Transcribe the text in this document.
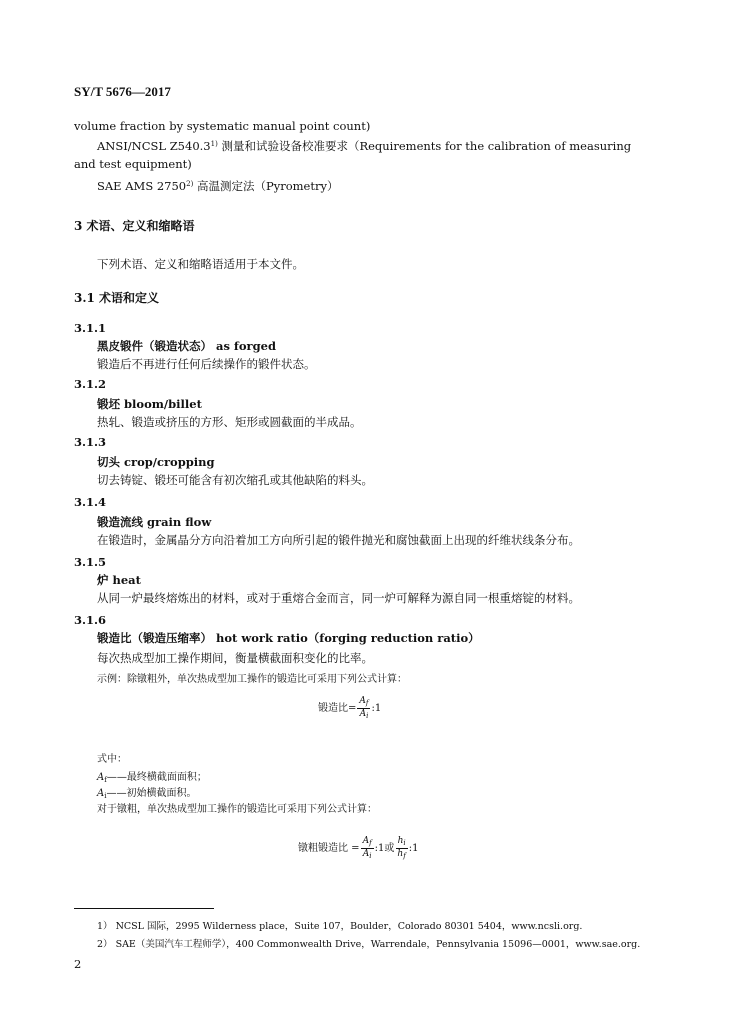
SY/T 5676—2017
volume fraction by systematic manual point count)
ANSI/NCSL Z540.3$^{1)}$ 测量和试验设备校准要求（Requirements for the calibration of measuring
and test equipment)
SAE AMS 2750$^{2)}$ 高温测定法（Pyrometry）
3 术语、定义和缩略语
下列术语、定义和缩略语适用于本文件。
3.1 术语和定义
3.1.1
黑皮锻件（锻造状态） as forged
锻造后不再进行任何后续操作的锻件状态。
3.1.2
锻坯 bloom/billet
热轧、锻造或挤压的方形、矩形或圆截面的半成品。
3.1.3
切头 crop/cropping
切去铸锭、锻坯可能含有初次缩孔或其他缺陷的料头。
3.1.4
锻造流线 grain flow
在锻造时，金属晶分方向沿着加工方向所引起的锻件抛光和腐蚀截面上出现的纤维状线条分布。
3.1.5
炉 heat
从同一炉最终熔炼出的材料，或对于重熔合金而言，同一炉可解释为源自同一根重熔锭的材料。
3.1.6
锻造比（锻造压缩率） hot work ratio（forging reduction ratio）
每次热成型加工操作期间，衡量横截面积变化的比率。
示例：除镦粗外，单次热成型加工操作的锻造比可采用下列公式计算：
锻造比= $\frac{A_f}{A_i}$ :1
式中：
$A_f——$最终横截面面积；
$A_i——$初始横截面积。
对于镦粗，单次热成型加工操作的锻造比可采用下列公式计算：
镦粗锻造比 = $\frac{A_f}{A_i}$ :1或 $\frac{h_i}{h_f}$ :1
1） NCSL 国际，2995 Wilderness place，Suite 107，Boulder，Colorado 80301 5404，www.ncsli.org.
2） SAE（美国汽车工程师学），400 Commonwealth Drive，Warrendale，Pennsylvania 15096—0001，www.sae.org.
2
